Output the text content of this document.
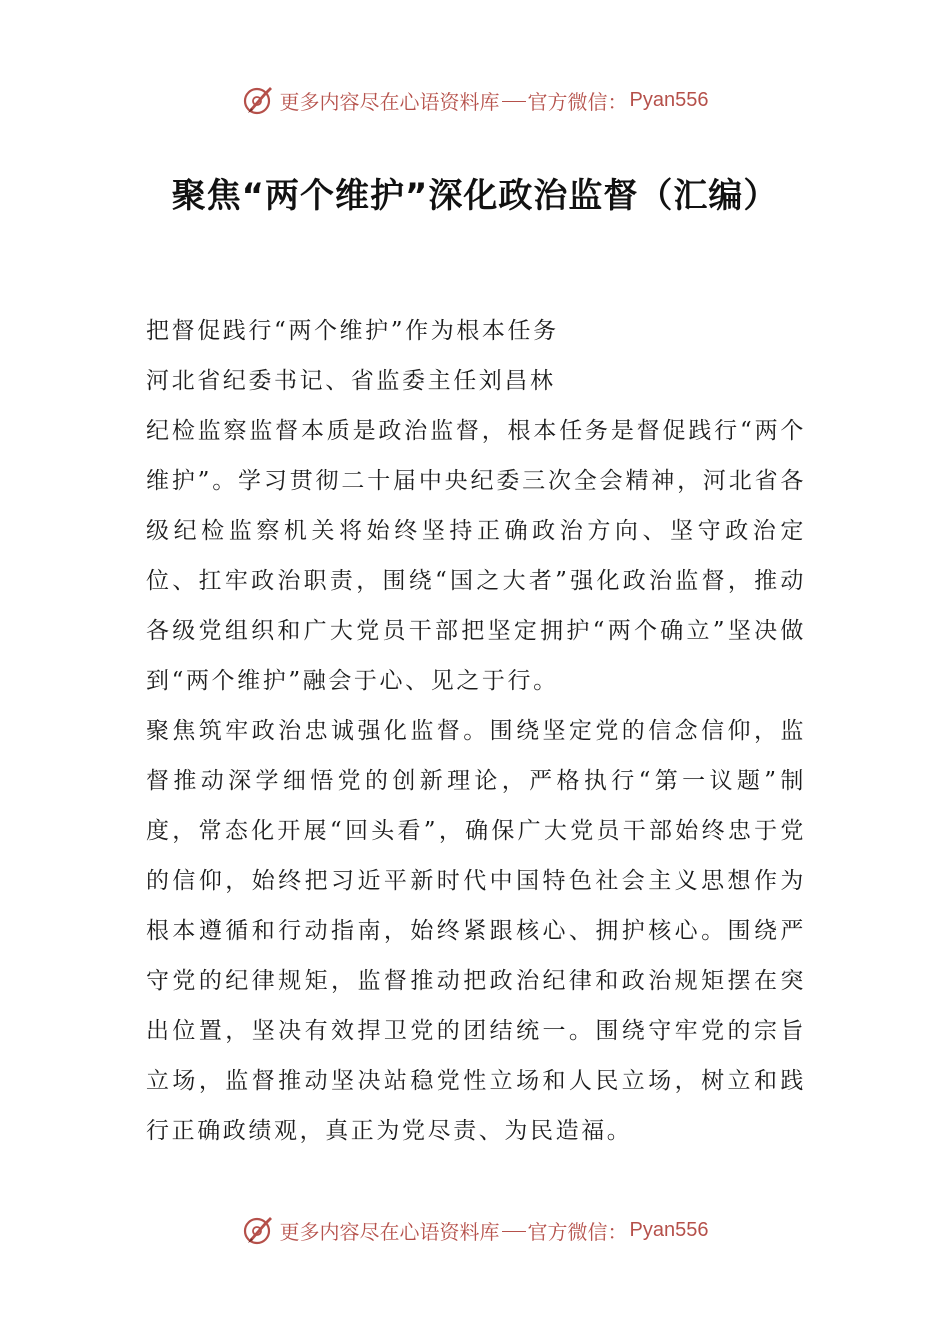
更多内容尽在心语资料库 官方微信： Pyan556
聚焦“两个维护”深化政治监督（汇编）

把督促践行“两个维护”作为根本任务

河北省纪委书记、省监委主任刘昌林

纪检监察监督本质是政治监督，根本任务是督促践行“两个维护”。学习贯彻二十届中央纪委三次全会精神，河北省各级纪检监察机关将始终坚持正确政治方向、坚守政治定位、扛牢政治职责，围绕“国之大者”强化政治监督，推动各级党组织和广大党员干部把坚定拥护“两个确立”坚决做到“两个维护”融会于心、见之于行。

聚焦筑牢政治忠诚强化监督。围绕坚定党的信念信仰，监督推动深学细悟党的创新理论，严格执行“第一议题”制度，常态化开展“回头看”，确保广大党员干部始终忠于党的信仰，始终把习近平新时代中国特色社会主义思想作为根本遵循和行动指南，始终紧跟核心、拥护核心。围绕严守党的纪律规矩，监督推动把政治纪律和政治规矩摆在突出位置，坚决有效捍卫党的团结统一。围绕守牢党的宗旨立场，监督推动坚决站稳党性立场和人民立场，树立和践行正确政绩观，真正为党尽责、为民造福。

更多内容尽在心语资料库 官方微信： Pyan556
